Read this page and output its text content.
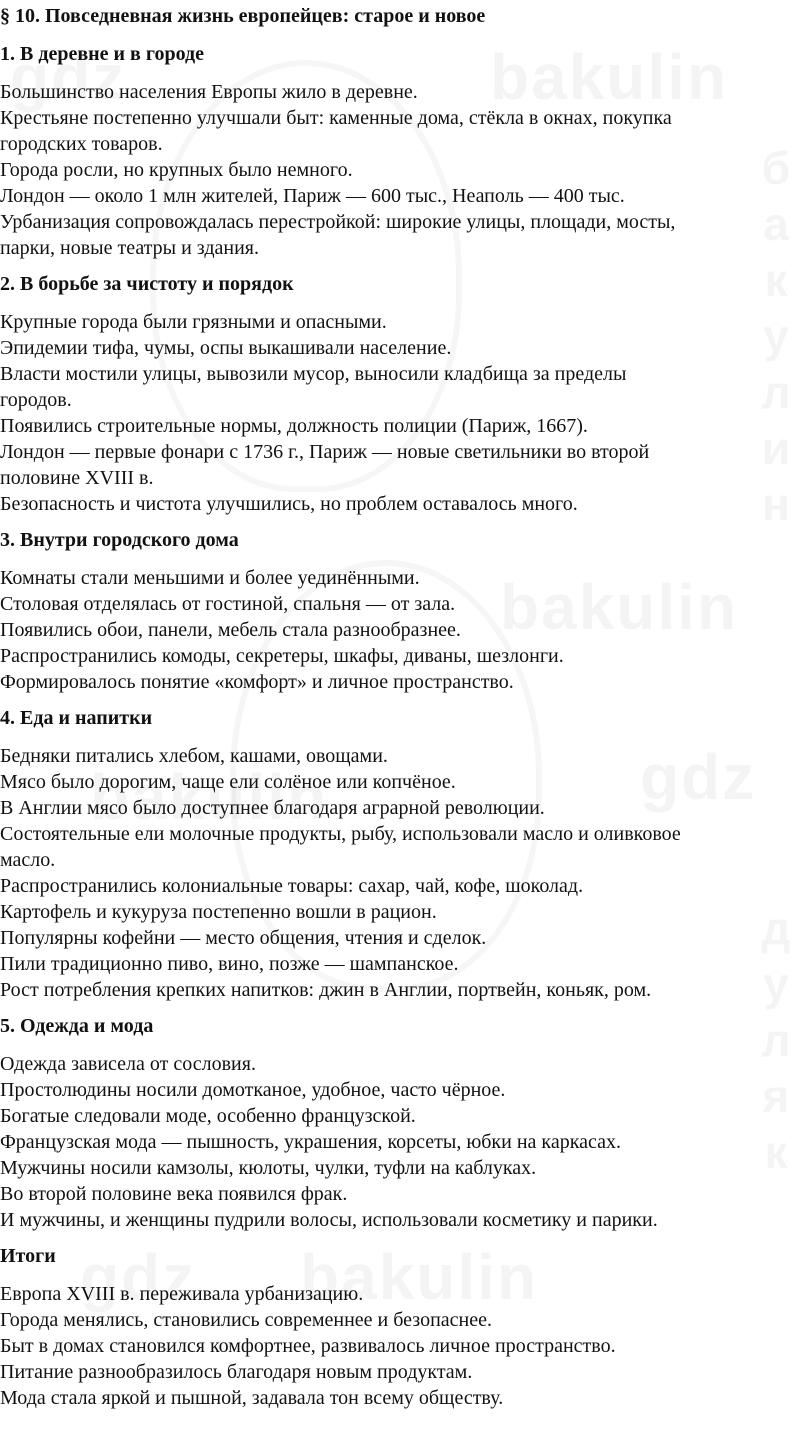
§ 10. Повседневная жизнь европейцев: старое и новое
1. В деревне и в городе

Большинство населения Европы жило в деревне.

Крестьяне постепенно улучшали быт: каменные дома, стёкла в окнах, покупка

городских товаров.

Города росли, но крупных было немного.

Лондон — около 1 млн жителей, Париж — 600 тыс., Неаполь — 400 тыс.

Урбанизация сопровождалась перестройкой: широкие улицы, площади, мосты,

парки, новые театры и здания.

2. В борьбе за чистоту и порядок

Крупные города были грязными и опасными.

Эпидемии тифа, чумы, оспы выкашивали население.

Власти мостили улицы, вывозили мусор, выносили кладбища за пределы

городов.

Появились строительные нормы, должность полиции (Париж, 1667).

Лондон — первые фонари с 1736 г., Париж — новые светильники во второй

половине XVIII в.

Безопасность и чистота улучшились, но проблем оставалось много.

3. Внутри городского дома

Комнаты стали меньшими и более уединёнными.

Столовая отделялась от гостиной, спальня — от зала.

Появились обои, панели, мебель стала разнообразнее.

Распространились комоды, секретеры, шкафы, диваны, шезлонги.

Формировалось понятие «комфорт» и личное пространство.

4. Еда и напитки

Бедняки питались хлебом, кашами, овощами.

Мясо было дорогим, чаще ели солёное или копчёное.

В Англии мясо было доступнее благодаря аграрной революции.

Состоятельные ели молочные продукты, рыбу, использовали масло и оливковое

масло.

Распространились колониальные товары: сахар, чай, кофе, шоколад.

Картофель и кукуруза постепенно вошли в рацион.

Популярны кофейни — место общения, чтения и сделок.

Пили традиционно пиво, вино, позже — шампанское.

Рост потребления крепких напитков: джин в Англии, портвейн, коньяк, ром.

5. Одежда и мода

Одежда зависела от сословия.

Простолюдины носили домотканое, удобное, часто чёрное.

Богатые следовали моде, особенно французской.

Французская мода — пышность, украшения, корсеты, юбки на каркасах.

Мужчины носили камзолы, кюлоты, чулки, туфли на каблуках.

Во второй половине века появился фрак.

И мужчины, и женщины пудрили волосы, использовали косметику и парики.

Итоги

Европа XVIII в. переживала урбанизацию.

Города менялись, становились современнее и безопаснее.

Быт в домах становился комфортнее, развивалось личное пространство.

Питание разнообразилось благодаря новым продуктам.

Мода стала яркой и пышной, задавала тон всему обществу.
